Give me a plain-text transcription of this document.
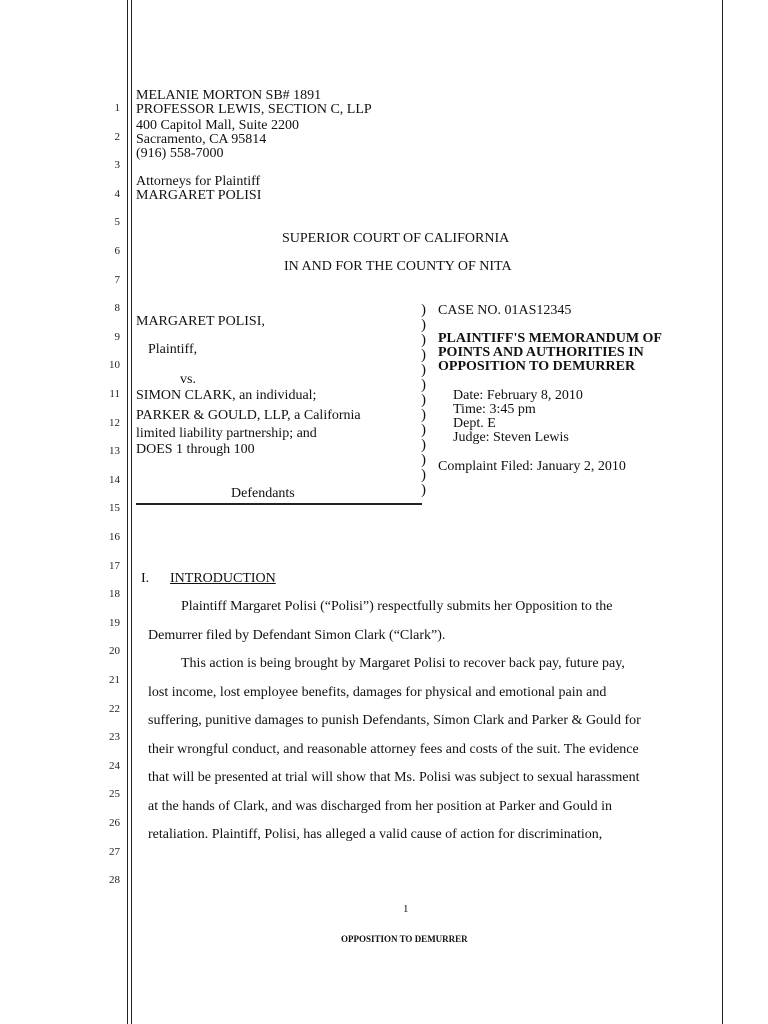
1
2
3
4
5
6
7
8
9
10
11
12
13
14
15
16
17
18
19
20
21
22
23
24
25
26
27
28
MELANIE MORTON SB# 1891
PROFESSOR LEWIS, SECTION C, LLP
400 Capitol Mall, Suite 2200
Sacramento, CA 95814
(916) 558-7000
Attorneys for Plaintiff
MARGARET POLISI
SUPERIOR COURT OF CALIFORNIA
IN AND FOR THE COUNTY OF NITA
MARGARET POLISI,
Plaintiff,
vs.
SIMON CLARK, an individual;
PARKER & GOULD, LLP, a California
limited liability partnership; and
DOES 1 through 100
Defendants
)
)
)
)
)
)
)
)
)
)
)
)
)
CASE NO. 01AS12345
PLAINTIFF'S MEMORANDUM OF
POINTS AND AUTHORITIES IN
OPPOSITION TO DEMURRER
Date: February 8, 2010
Time: 3:45 pm
Dept. E
Judge: Steven Lewis
Complaint Filed: January 2, 2010
I. INTRODUCTION
Plaintiff Margaret Polisi (“Polisi”) respectfully submits her Opposition to the
Demurrer filed by Defendant Simon Clark (“Clark”).
This action is being brought by Margaret Polisi to recover back pay, future pay,
lost income, lost employee benefits, damages for physical and emotional pain and
suffering, punitive damages to punish Defendants, Simon Clark and Parker & Gould for
their wrongful conduct, and reasonable attorney fees and costs of the suit. The evidence
that will be presented at trial will show that Ms. Polisi was subject to sexual harassment
at the hands of Clark, and was discharged from her position at Parker and Gould in
retaliation. Plaintiff, Polisi, has alleged a valid cause of action for discrimination,
1
OPPOSITION TO DEMURRER
